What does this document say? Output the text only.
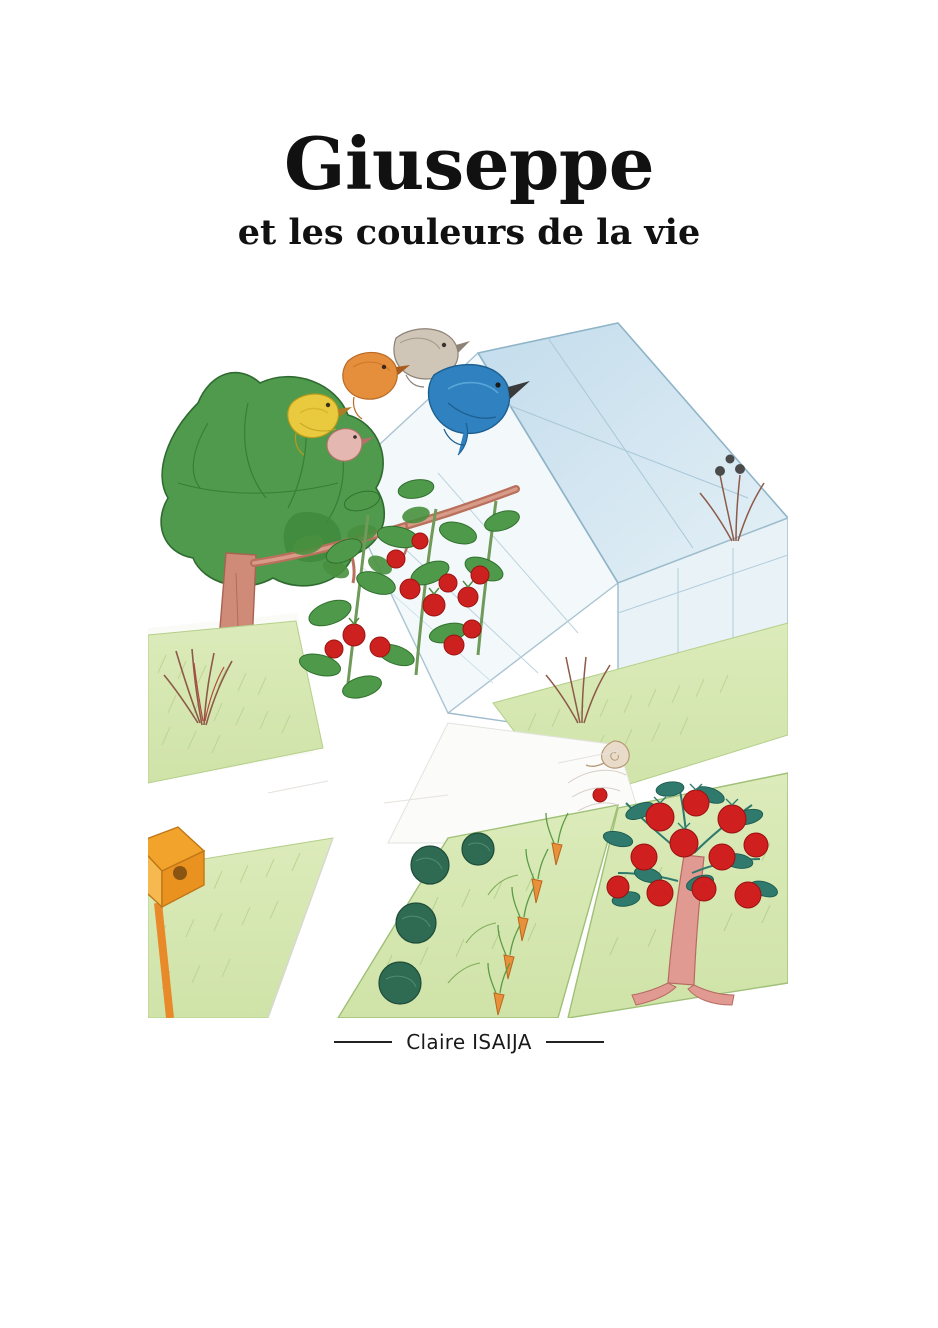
Giuseppe
et les couleurs de la vie
Claire ISAIJA
